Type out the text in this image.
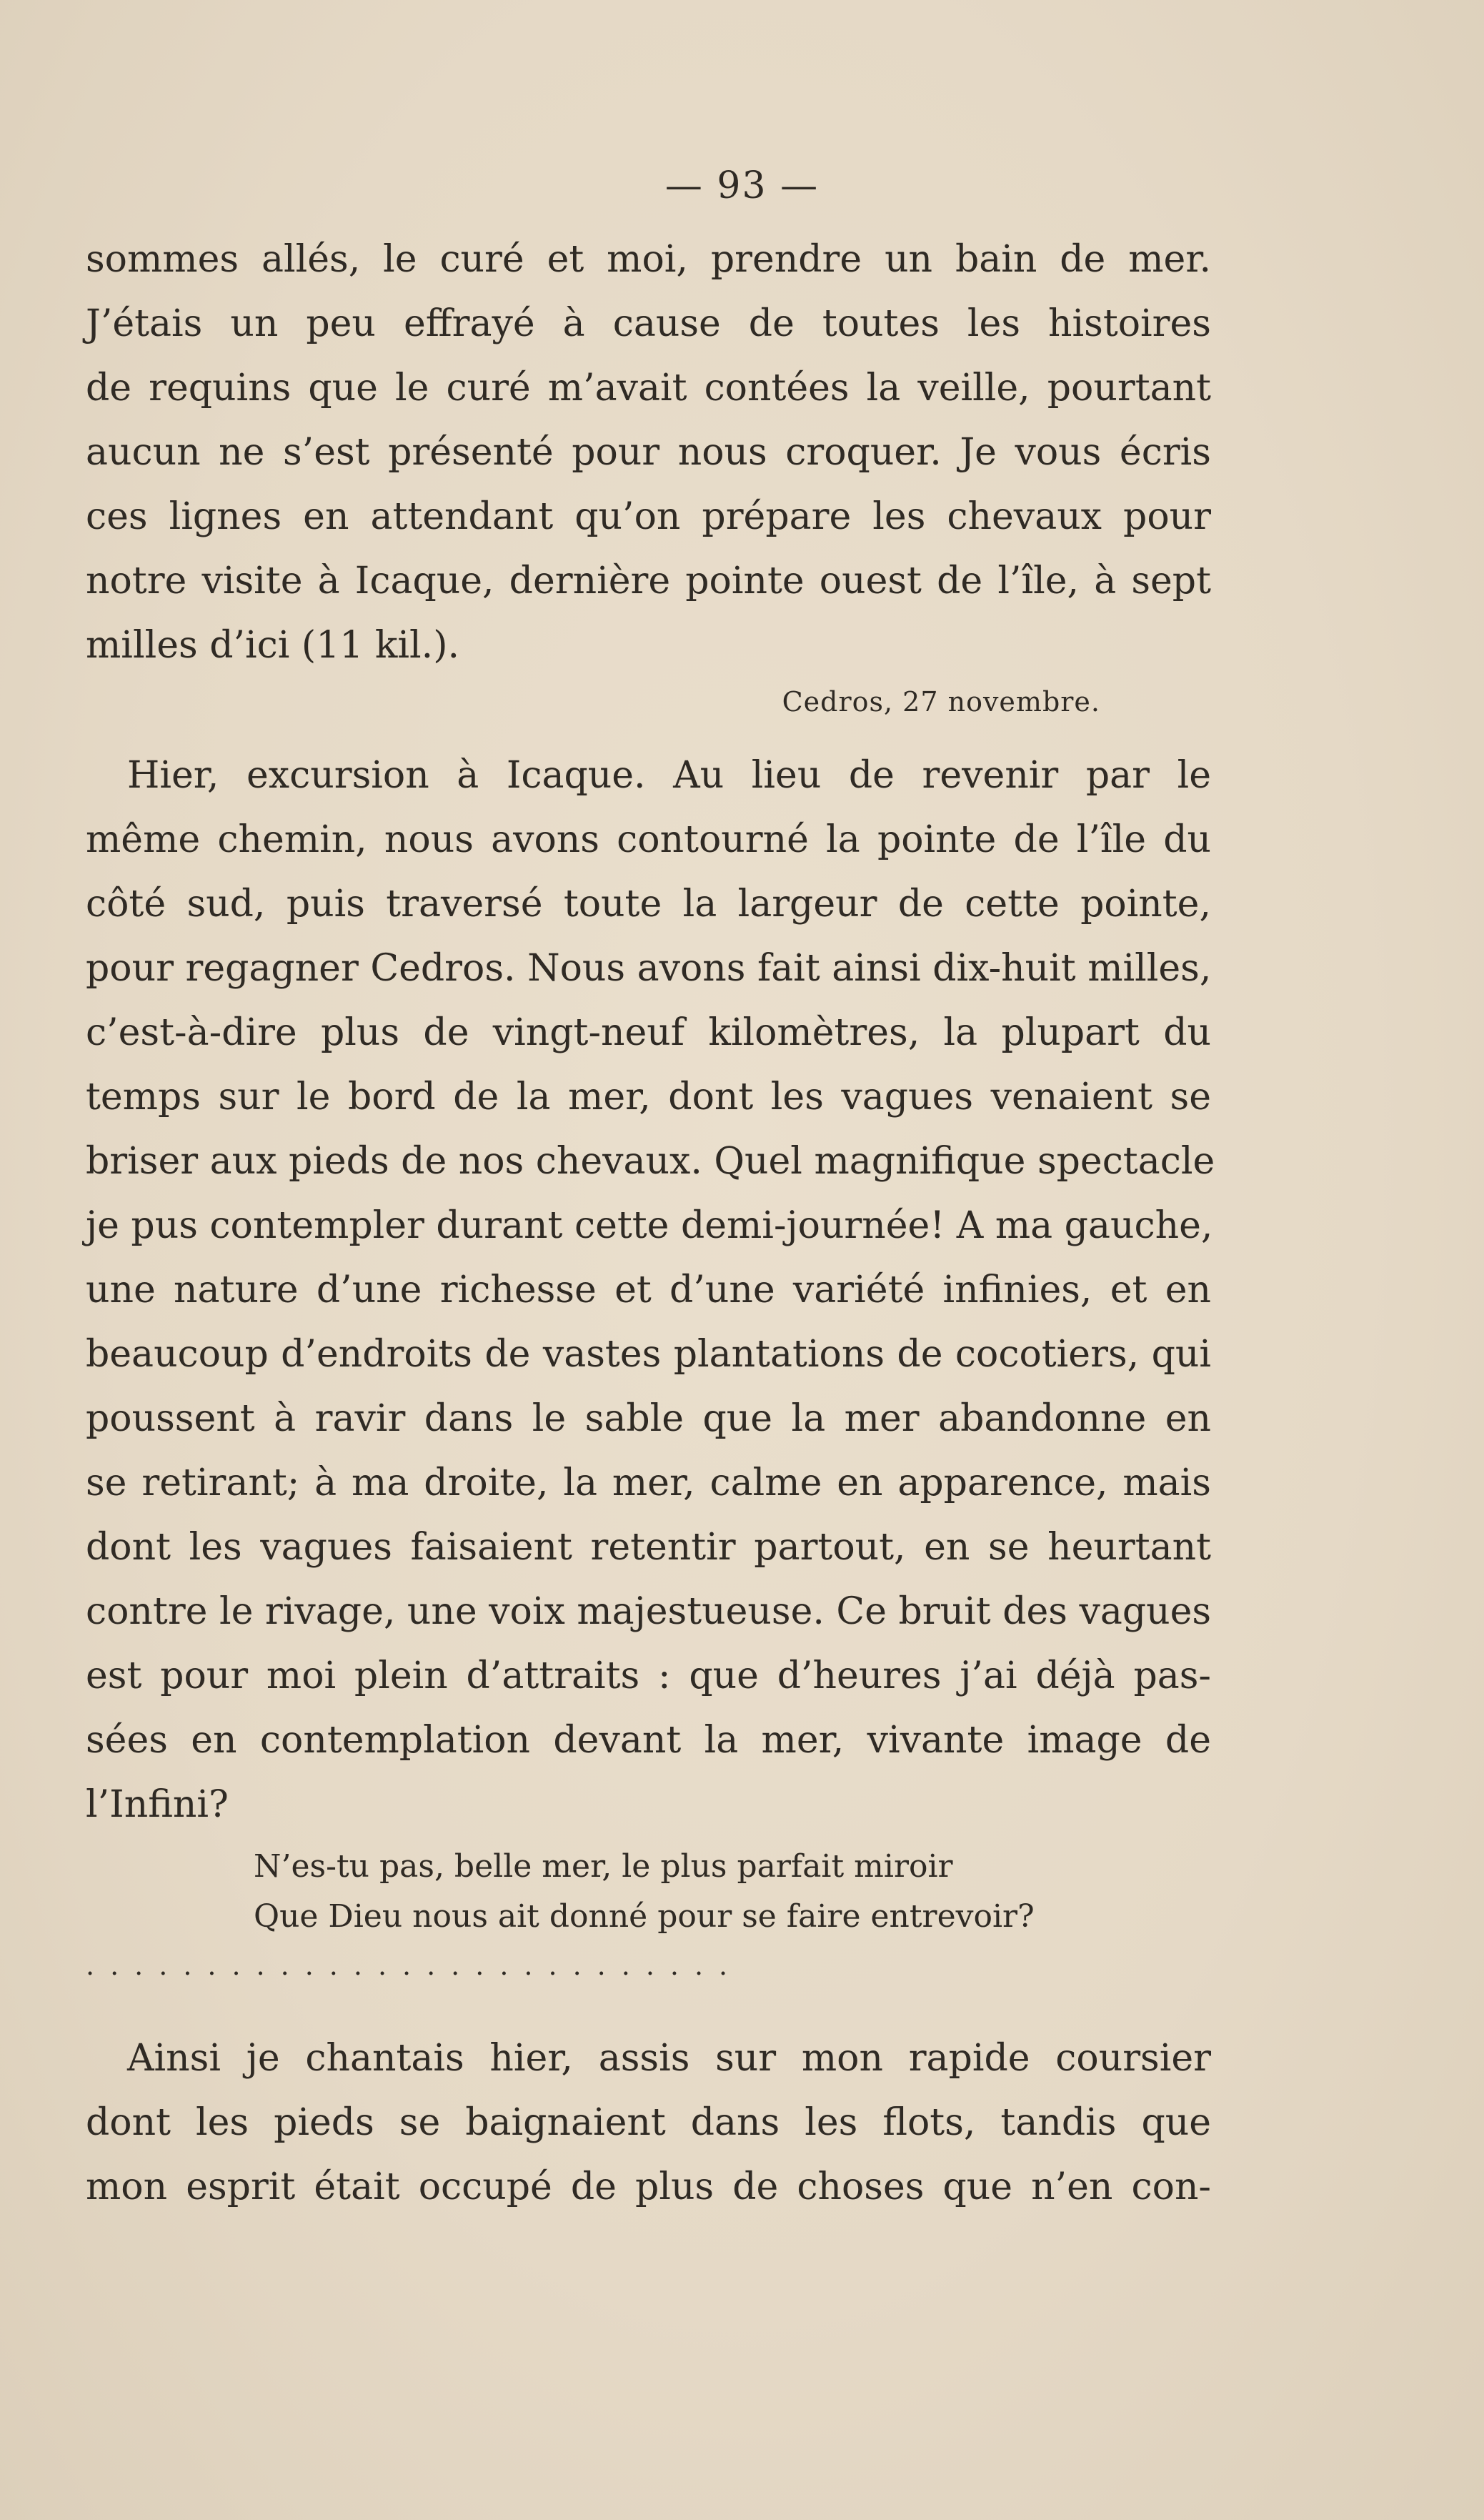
— 93 —
sommes allés, le curé et moi, prendre un bain de mer.
J’étais un peu effrayé à cause de toutes les histoires
de requins que le curé m’avait contées la veille, pourtant
aucun ne s’est présenté pour nous croquer. Je vous écris
ces lignes en attendant qu’on prépare les chevaux pour
notre visite à Icaque, dernière pointe ouest de l’île, à sept
milles d’ici (11 kil.).
Cedros, 27 novembre.
Hier, excursion à Icaque. Au lieu de revenir par le
même chemin, nous avons contourné la pointe de l’île du
côté sud, puis traversé toute la largeur de cette pointe,
pour regagner Cedros. Nous avons fait ainsi dix-huit milles,
c’est-à-dire plus de vingt-neuf kilomètres, la plupart du
temps sur le bord de la mer, dont les vagues venaient se
briser aux pieds de nos chevaux. Quel magnifique spectacle
je pus contempler durant cette demi-journée! A ma gauche,
une nature d’une richesse et d’une variété infinies, et en
beaucoup d’endroits de vastes plantations de cocotiers, qui
poussent à ravir dans le sable que la mer abandonne en
se retirant; à ma droite, la mer, calme en apparence, mais
dont les vagues faisaient retentir partout, en se heurtant
contre le rivage, une voix majestueuse. Ce bruit des vagues
est pour moi plein d’attraits : que d’heures j’ai déjà pas-
sées en contemplation devant la mer, vivante image de
l’Infini?
N’es-tu pas, belle mer, le plus parfait miroir
Que Dieu nous ait donné pour se faire entrevoir?
...........................
Ainsi je chantais hier, assis sur mon rapide coursier
dont les pieds se baignaient dans les flots, tandis que
mon esprit était occupé de plus de choses que n’en con-
